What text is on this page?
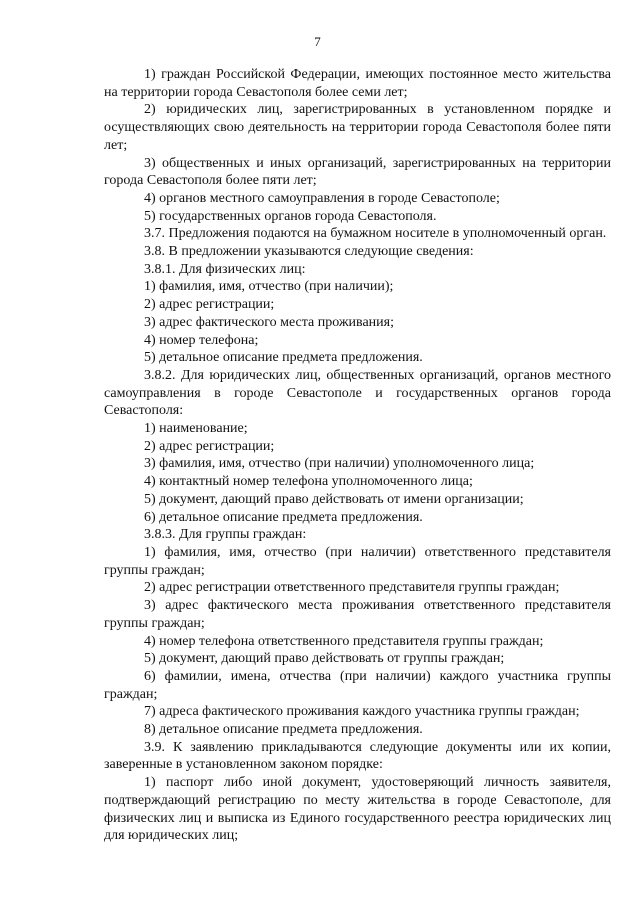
7

1) граждан Российской Федерации, имеющих постоянное место жительства на территории города Севастополя более семи лет;

2) юридических лиц, зарегистрированных в установленном порядке и осуществляющих свою деятельность на территории города Севастополя более пяти лет;

3) общественных и иных организаций, зарегистрированных на территории города Севастополя более пяти лет;

4) органов местного самоуправления в городе Севастополе;

5) государственных органов города Севастополя.

3.7. Предложения подаются на бумажном носителе в уполномоченный орган.

3.8. В предложении указываются следующие сведения:

3.8.1. Для физических лиц:

1) фамилия, имя, отчество (при наличии);

2) адрес регистрации;

3) адрес фактического места проживания;

4) номер телефона;

5) детальное описание предмета предложения.

3.8.2. Для юридических лиц, общественных организаций, органов местного самоуправления в городе Севастополе и государственных органов города Севастополя:

1) наименование;

2) адрес регистрации;

3) фамилия, имя, отчество (при наличии) уполномоченного лица;

4) контактный номер телефона уполномоченного лица;

5) документ, дающий право действовать от имени организации;

6) детальное описание предмета предложения.

3.8.3. Для группы граждан:

1) фамилия, имя, отчество (при наличии) ответственного представителя группы граждан;

2) адрес регистрации ответственного представителя группы граждан;

3) адрес фактического места проживания ответственного представителя группы граждан;

4) номер телефона ответственного представителя группы граждан;

5) документ, дающий право действовать от группы граждан;

6) фамилии, имена, отчества (при наличии) каждого участника группы граждан;

7) адреса фактического проживания каждого участника группы граждан;

8) детальное описание предмета предложения.

3.9. К заявлению прикладываются следующие документы или их копии, заверенные в установленном законом порядке:

1) паспорт либо иной документ, удостоверяющий личность заявителя, подтверждающий регистрацию по месту жительства в городе Севастополе, для физических лиц и выписка из Единого государственного реестра юридических лиц для юридических лиц;
